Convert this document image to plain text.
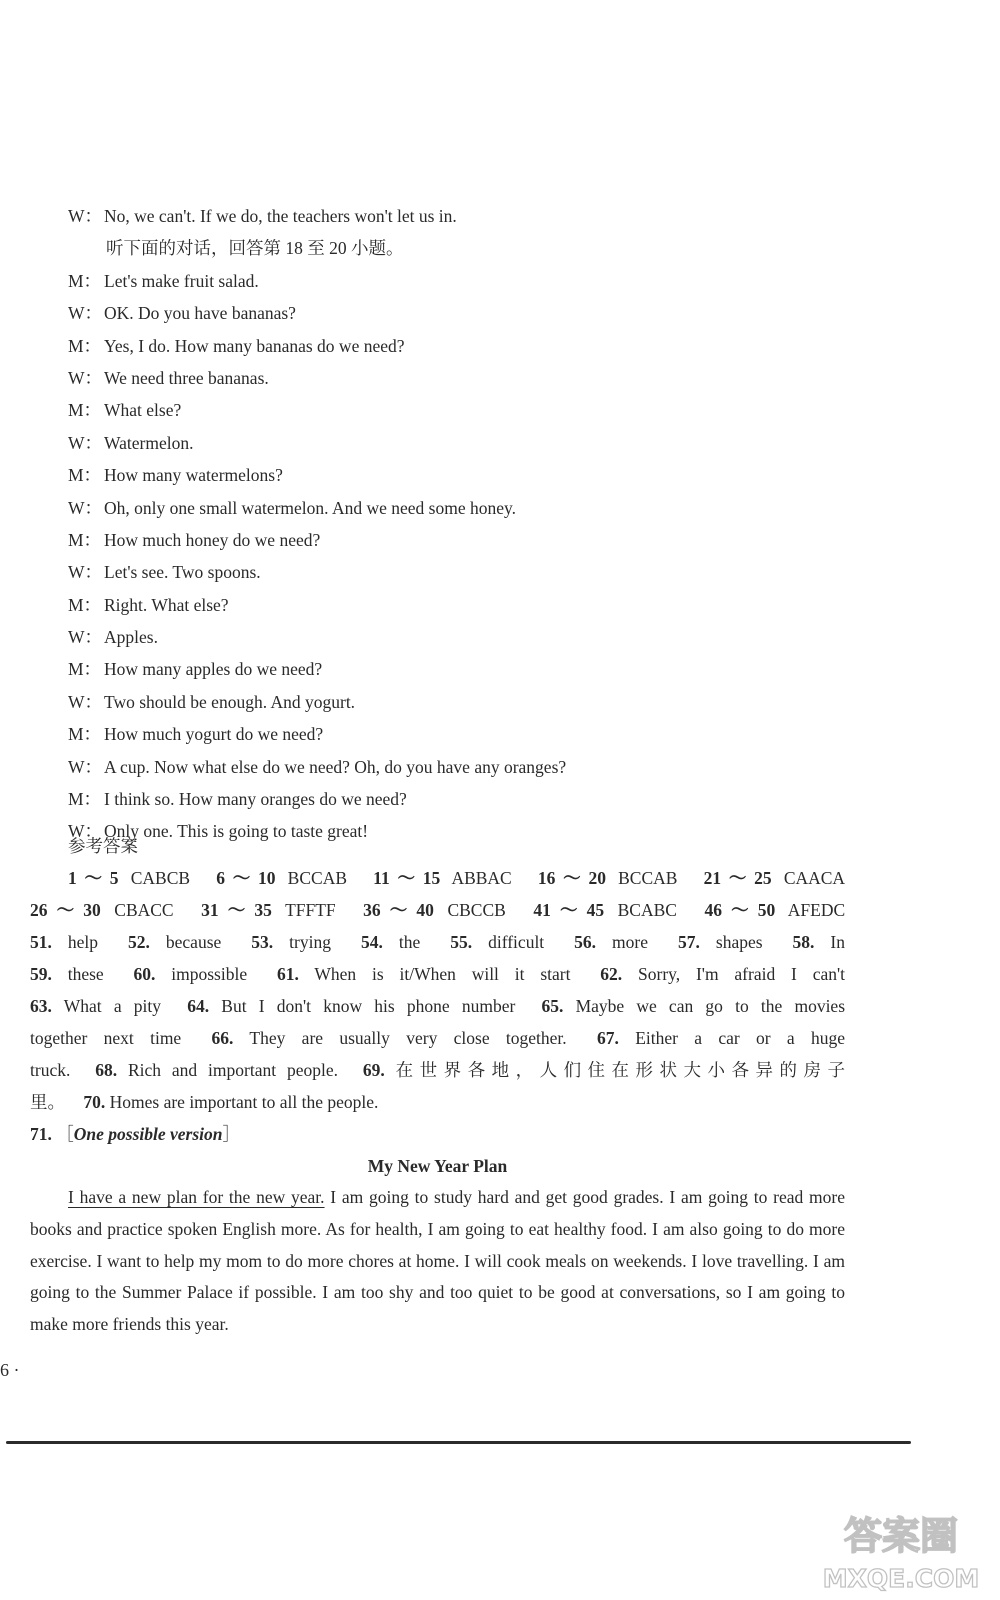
W： No, we can't. If we do, the teachers won't let us in.
听下面的对话，回答第 18 至 20 小题。
M： Let's make fruit salad.
W： OK. Do you have bananas?
M： Yes, I do. How many bananas do we need?
W： We need three bananas.
M： What else?
W： Watermelon.
M： How many watermelons?
W： Oh, only one small watermelon. And we need some honey.
M： How much honey do we need?
W： Let's see. Two spoons.
M： Right. What else?
W： Apples.
M： How many apples do we need?
W： Two should be enough. And yogurt.
M： How much yogurt do we need?
W： A cup. Now what else do we need? Oh, do you have any oranges?
M： I think so. How many oranges do we need?
W： Only one. This is going to taste great!
参考答案
1～5 CABCB 6～10 BCCAB 11～15 ABBAC 16～20 BCCAB 21～25 CAACA
26～30 CBACC 31～35 TFFTF 36～40 CBCCB 41～45 BCABC 46～50 AFEDC
51. help 52. because 53. trying 54. the 55. difficult 56. more 57. shapes 58. In
59. these 60. impossible 61. When is it/When will it start 62. Sorry, I'm afraid I can't
63. What a pity 64. But I don't know his phone number 65. Maybe we can go to the movies
together next time 66. They are usually very close together. 67. Either a car or a huge
truck. 68. Rich and important people. 69. 在世界各地，人们住在形状大小各异的房子
里。 70. Homes are important to all the people.
71. ［One possible version］
My New Year Plan

I have a new plan for the new year. I am going to study hard and get good grades. I am going to read more books and practice spoken English more. As for health, I am going to eat healthy food. I am also going to do more exercise. I want to help my mom to do more chores at home. I will cook meals on weekends. I love travelling. I am going to the Summer Palace if possible. I am too shy and too quiet to be good at conversations, so I am going to make more friends this year.

6 ·
答案圈
MXQE.COM
